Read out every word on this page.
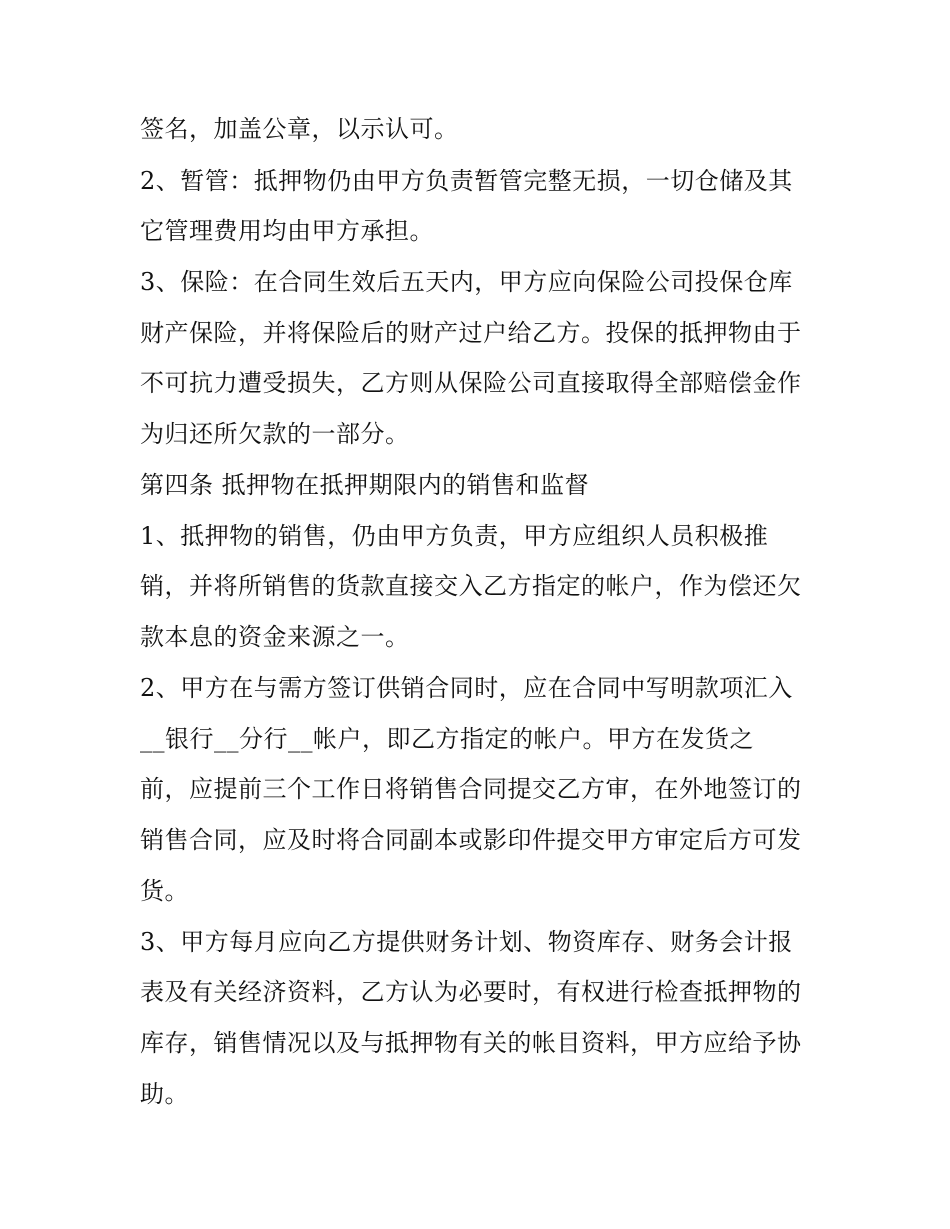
签名，加盖公章，以示认可。
2、暂管：抵押物仍由甲方负责暂管完整无损，一切仓储及其
它管理费用均由甲方承担。
3、保险：在合同生效后五天内，甲方应向保险公司投保仓库
财产保险，并将保险后的财产过户给乙方。投保的抵押物由于
不可抗力遭受损失，乙方则从保险公司直接取得全部赔偿金作
为归还所欠款的一部分。
第四条 抵押物在抵押期限内的销售和监督
1、抵押物的销售，仍由甲方负责，甲方应组织人员积极推
销，并将所销售的货款直接交入乙方指定的帐户，作为偿还欠
款本息的资金来源之一。
2、甲方在与需方签订供销合同时，应在合同中写明款项汇入
__银行__分行__帐户，即乙方指定的帐户。甲方在发货之
前，应提前三个工作日将销售合同提交乙方审，在外地签订的
销售合同，应及时将合同副本或影印件提交甲方审定后方可发
货。
3、甲方每月应向乙方提供财务计划、物资库存、财务会计报
表及有关经济资料，乙方认为必要时，有权进行检查抵押物的
库存，销售情况以及与抵押物有关的帐目资料，甲方应给予协
助。
